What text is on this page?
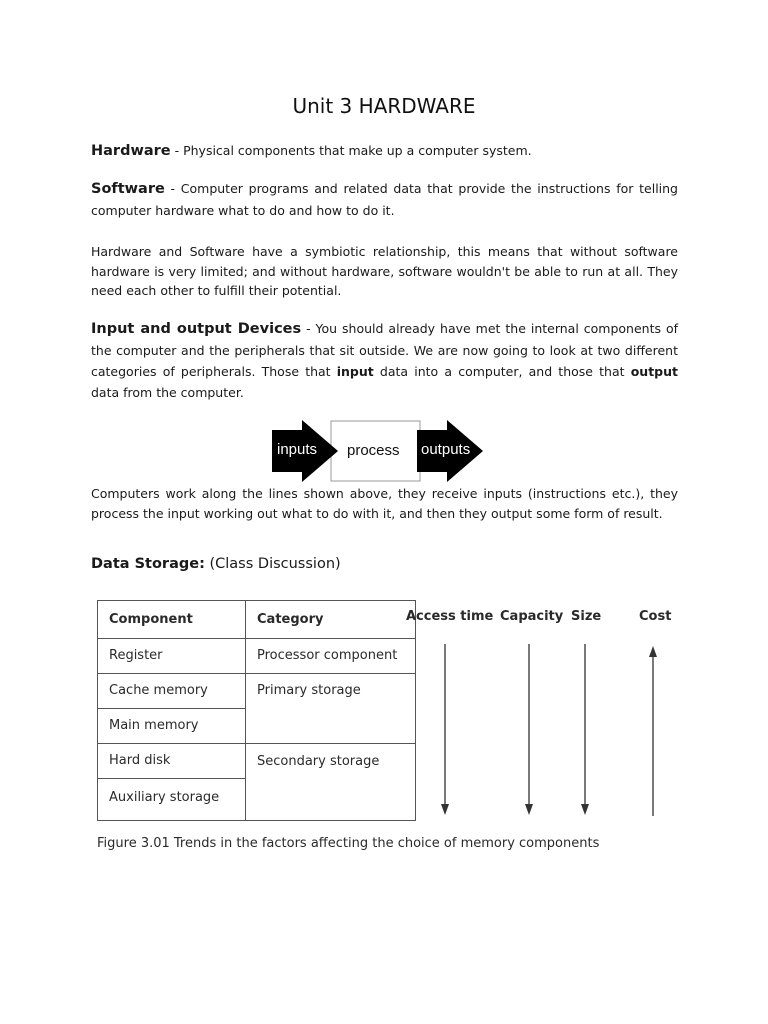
Unit 3 HARDWARE

Hardware - Physical components that make up a computer system.

Software - Computer programs and related data that provide the instructions for telling computer hardware what to do and how to do it.

Hardware and Software have a symbiotic relationship, this means that without software hardware is very limited; and without hardware, software wouldn't be able to run at all. They need each other to fulfill their potential.

Input and output Devices - You should already have met the internal components of the computer and the peripherals that sit outside. We are now going to look at two different categories of peripherals. Those that input data into a computer, and those that output data from the computer.

inputs process outputs

Computers work along the lines shown above, they receive inputs (instructions etc.), they process the input working out what to do with it, and then they output some form of result.

Data Storage: (Class Discussion)
Component	Category

Register	Processor component

Cache memory	Primary storage

Main memory	

Hard disk	Secondary storage

Auxiliary storage	
Access time Capacity Size	Cost
Figure 3.01 Trends in the factors affecting the choice of memory components
